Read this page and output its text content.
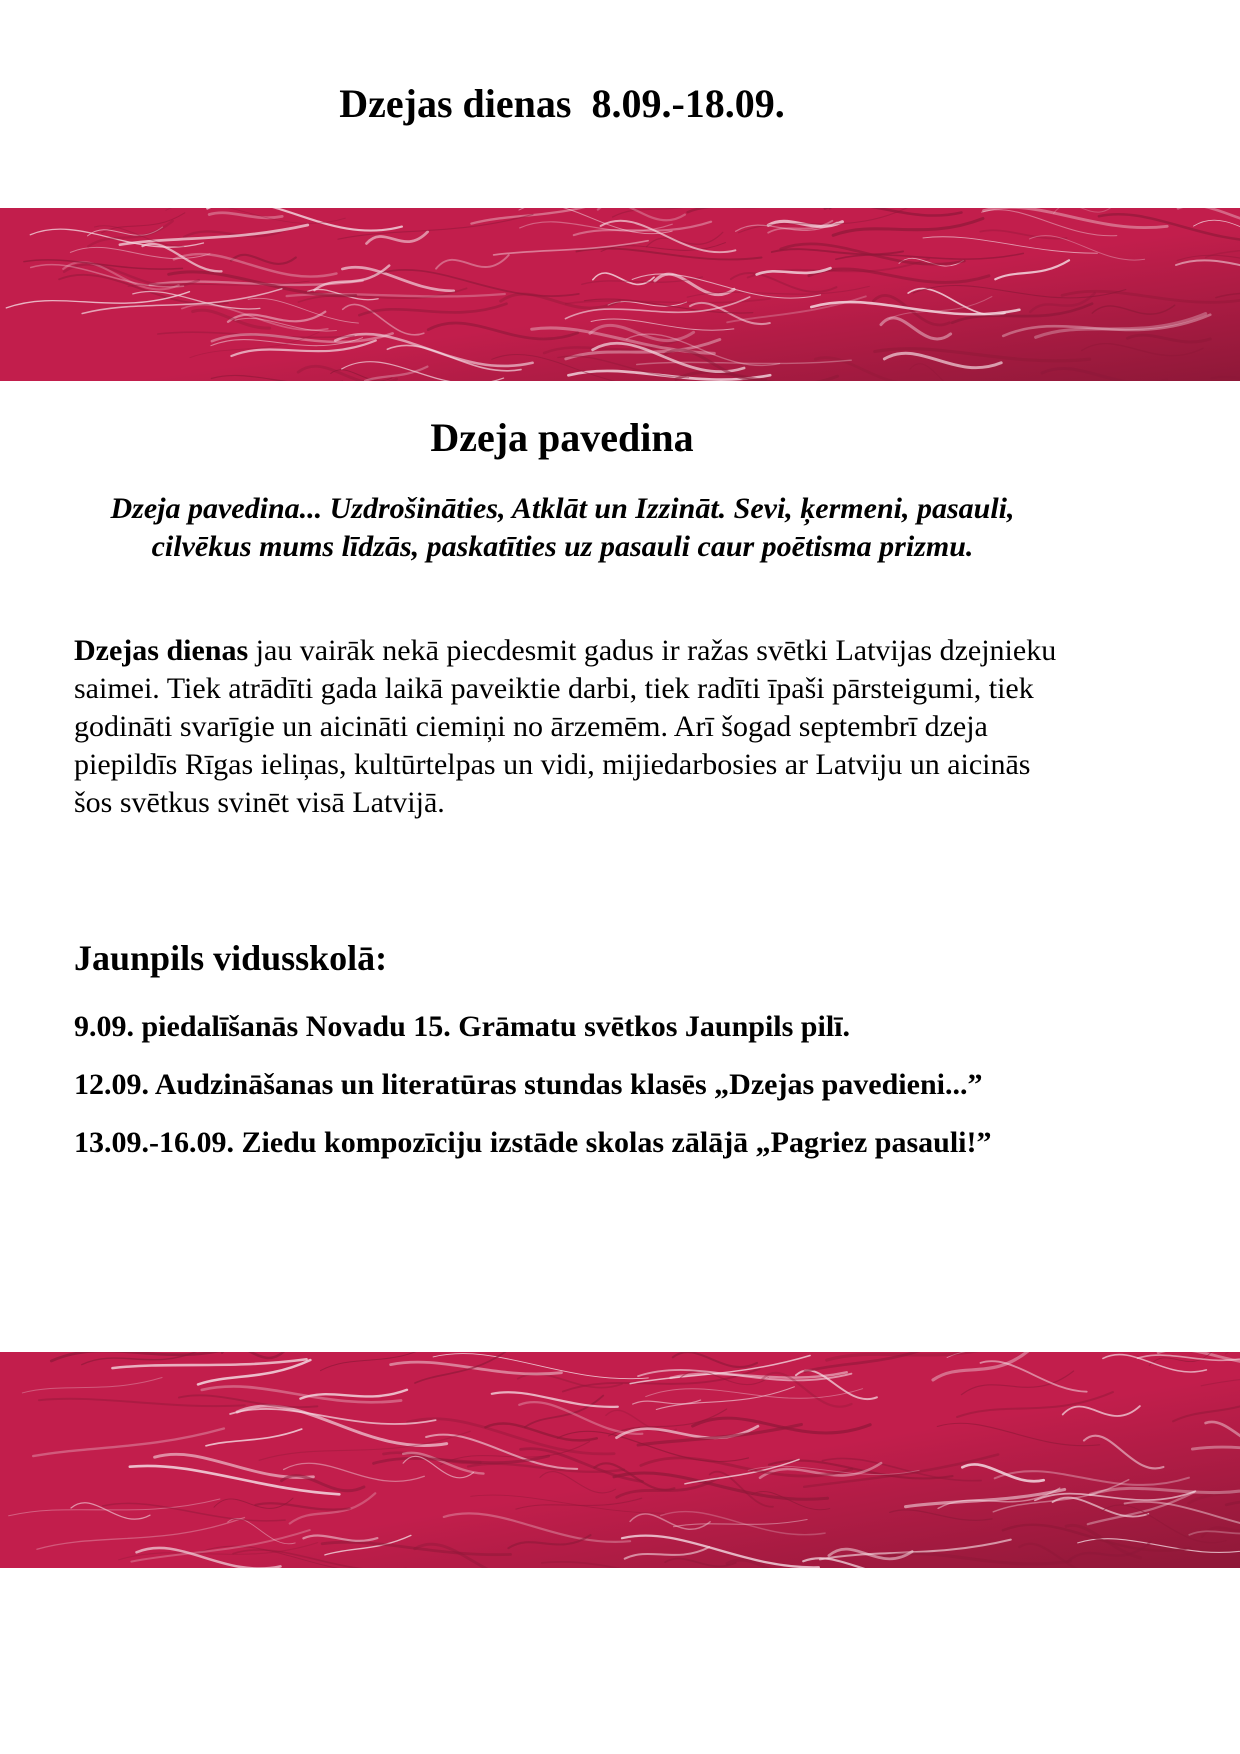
Dzejas dienas  8.09.-18.09.
Dzeja pavedina

Dzeja pavedina... Uzdrošināties, Atklāt un Izzināt. Sevi, ķermeni, pasauli, cilvēkus mums līdzās, paskatīties uz pasauli caur poētisma prizmu.

Dzejas dienas jau vairāk nekā piecdesmit gadus ir ražas svētki Latvijas dzejnieku saimei. Tiek atrādīti gada laikā paveiktie darbi, tiek radīti īpaši pārsteigumi, tiek godināti svarīgie un aicināti ciemiņi no ārzemēm. Arī šogad septembrī dzeja piepildīs Rīgas ieliņas, kultūrtelpas un vidi, mijiedarbosies ar Latviju un aicinās šos svētkus svinēt visā Latvijā.

Jaunpils vidusskolā:
9.09. piedalīšanās Novadu 15. Grāmatu svētkos Jaunpils pilī.
12.09. Audzināšanas un literatūras stundas klasēs „Dzejas pavedieni...”
13.09.-16.09. Ziedu kompozīciju izstāde skolas zālājā „Pagriez pasauli!”
